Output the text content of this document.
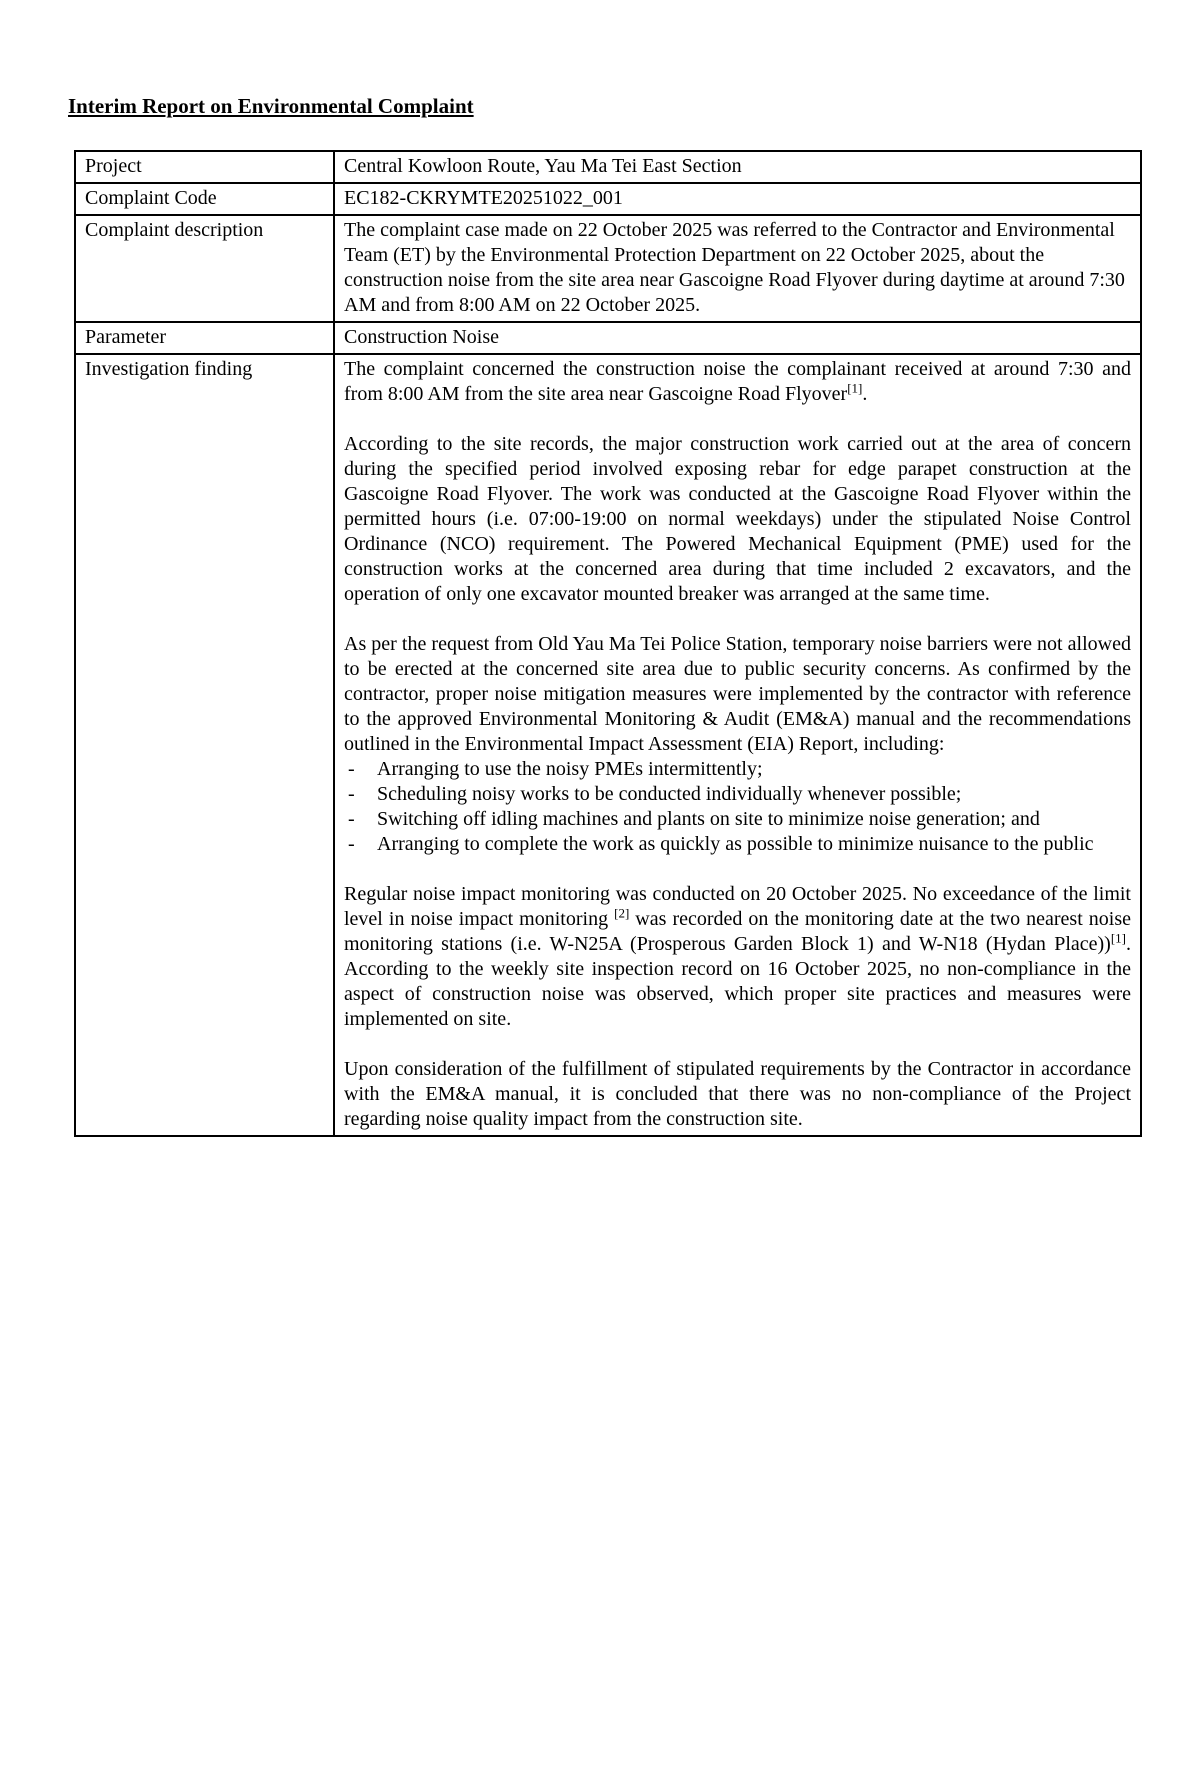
Interim Report on Environmental Complaint
Project	Central Kowloon Route, Yau Ma Tei East Section
Complaint Code	EC182-CKRYMTE20251022_001
Complaint description	The complaint case made on 22 October 2025 was referred to the Contractor and Environmental Team (ET) by the Environmental Protection Department on 22 October 2025, about the construction noise from the site area near Gascoigne Road Flyover during daytime at around 7:30 AM and from 8:00 AM on 22 October 2025.
Parameter	Construction Noise
Investigation finding	The complaint concerned the construction noise the complainant received at around 7:30 and from 8:00 AM from the site area near Gascoigne Road Flyover[1].
According to the site records, the major construction work carried out at the area of concern during the specified period involved exposing rebar for edge parapet construction at the Gascoigne Road Flyover. The work was conducted at the Gascoigne Road Flyover within the permitted hours (i.e. 07:00-19:00 on normal weekdays) under the stipulated Noise Control Ordinance (NCO) requirement. The Powered Mechanical Equipment (PME) used for the construction works at the concerned area during that time included 2 excavators, and the operation of only one excavator mounted breaker was arranged at the same time.
As per the request from Old Yau Ma Tei Police Station, temporary noise barriers were not allowed to be erected at the concerned site area due to public security concerns. As confirmed by the contractor, proper noise mitigation measures were implemented by the contractor with reference to the approved Environmental Monitoring & Audit (EM&A) manual and the recommendations outlined in the Environmental Impact Assessment (EIA) Report, including:
- Arranging to use the noisy PMEs intermittently;
- Scheduling noisy works to be conducted individually whenever possible;
- Switching off idling machines and plants on site to minimize noise generation; and
- Arranging to complete the work as quickly as possible to minimize nuisance to the public
Regular noise impact monitoring was conducted on 20 October 2025. No exceedance of the limit level in noise impact monitoring [2] was recorded on the monitoring date at the two nearest noise monitoring stations (i.e. W-N25A (Prosperous Garden Block 1) and W-N18 (Hydan Place))[1]. According to the weekly site inspection record on 16 October 2025, no non-compliance in the aspect of construction noise was observed, which proper site practices and measures were implemented on site.
Upon consideration of the fulfillment of stipulated requirements by the Contractor in accordance with the EM&A manual, it is concluded that there was no non-compliance of the Project regarding noise quality impact from the construction site.
